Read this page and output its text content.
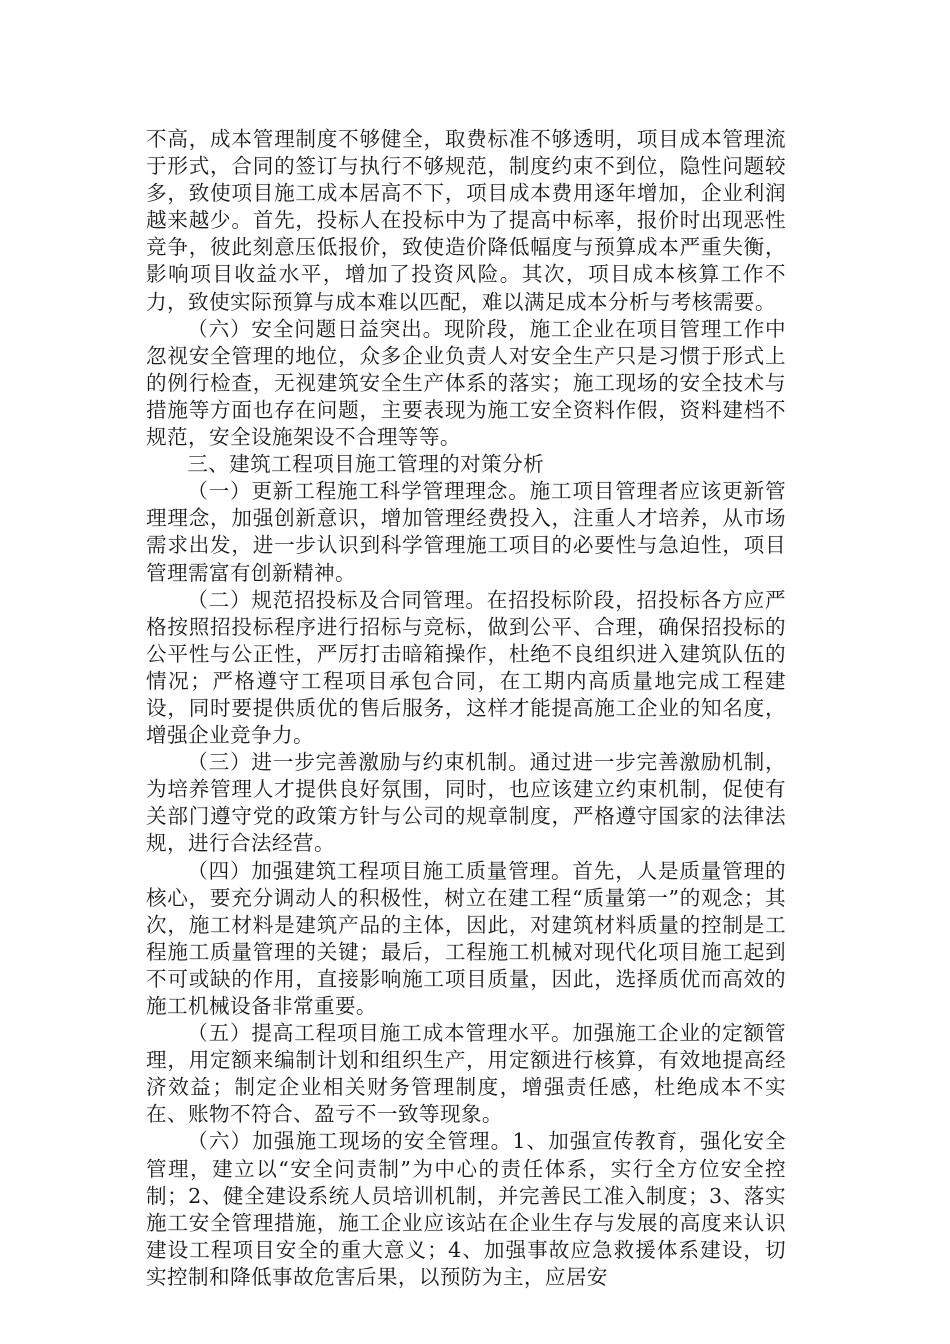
不高，成本管理制度不够健全，取费标准不够透明，项目成本管理流于形式，合同的签订与执行不够规范，制度约束不到位，隐性问题较多，致使项目施工成本居高不下，项目成本费用逐年增加，企业利润越来越少。首先，投标人在投标中为了提高中标率，报价时出现恶性竞争，彼此刻意压低报价，致使造价降低幅度与预算成本严重失衡，影响项目收益水平，增加了投资风险。其次，项目成本核算工作不力，致使实际预算与成本难以匹配，难以满足成本分析与考核需要。

（六）安全问题日益突出。现阶段，施工企业在项目管理工作中忽视安全管理的地位，众多企业负责人对安全生产只是习惯于形式上的例行检查，无视建筑安全生产体系的落实；施工现场的安全技术与措施等方面也存在问题，主要表现为施工安全资料作假，资料建档不规范，安全设施架设不合理等等。

三、建筑工程项目施工管理的对策分析

（一）更新工程施工科学管理理念。施工项目管理者应该更新管理理念，加强创新意识，增加管理经费投入，注重人才培养，从市场需求出发，进一步认识到科学管理施工项目的必要性与急迫性，项目管理需富有创新精神。

（二）规范招投标及合同管理。在招投标阶段，招投标各方应严格按照招投标程序进行招标与竞标，做到公平、合理，确保招投标的公平性与公正性，严厉打击暗箱操作，杜绝不良组织进入建筑队伍的情况；严格遵守工程项目承包合同，在工期内高质量地完成工程建设，同时要提供质优的售后服务，这样才能提高施工企业的知名度，增强企业竞争力。

（三）进一步完善激励与约束机制。通过进一步完善激励机制，为培养管理人才提供良好氛围，同时，也应该建立约束机制，促使有关部门遵守党的政策方针与公司的规章制度，严格遵守国家的法律法规，进行合法经营。

（四）加强建筑工程项目施工质量管理。首先，人是质量管理的核心，要充分调动人的积极性，树立在建工程“质量第一”的观念；其次，施工材料是建筑产品的主体，因此，对建筑材料质量的控制是工程施工质量管理的关键；最后，工程施工机械对现代化项目施工起到不可或缺的作用，直接影响施工项目质量，因此，选择质优而高效的施工机械设备非常重要。

（五）提高工程项目施工成本管理水平。加强施工企业的定额管理，用定额来编制计划和组织生产，用定额进行核算，有效地提高经济效益；制定企业相关财务管理制度，增强责任感，杜绝成本不实在、账物不符合、盈亏不一致等现象。

（六）加强施工现场的安全管理。1、加强宣传教育，强化安全管理，建立以“安全问责制”为中心的责任体系，实行全方位安全控制；2、健全建设系统人员培训机制，并完善民工准入制度；3、落实施工安全管理措施，施工企业应该站在企业生存与发展的高度来认识建设工程项目安全的重大意义；4、加强事故应急救援体系建设，切实控制和降低事故危害后果，以预防为主，应居安
